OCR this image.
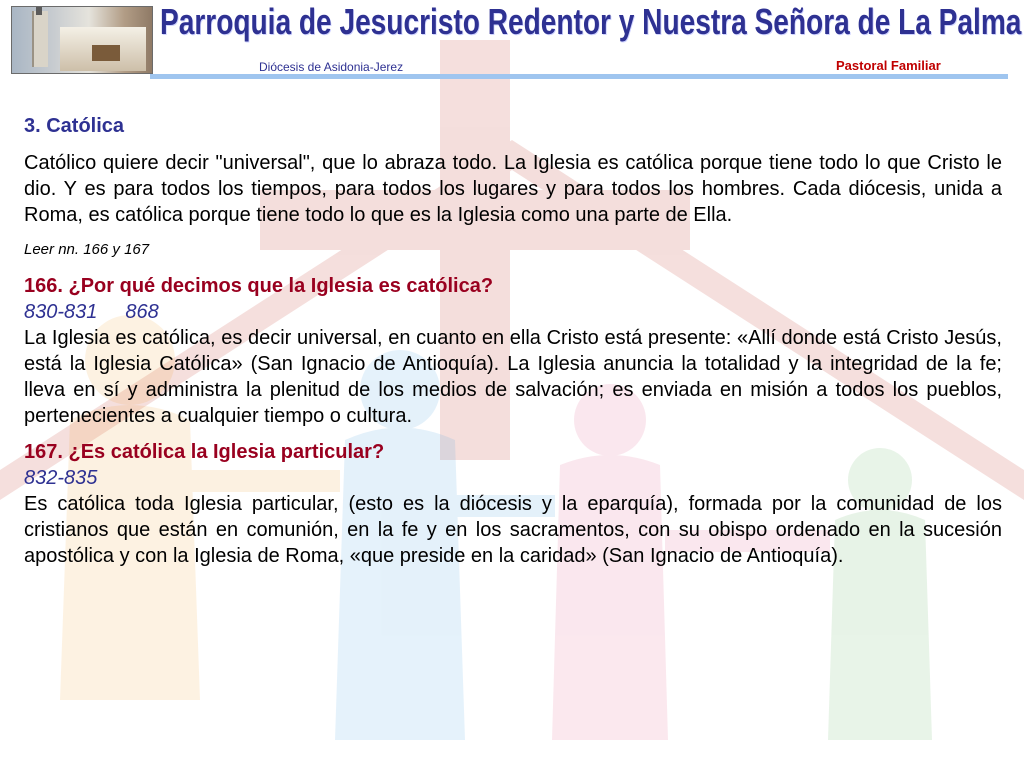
Parroquia de Jesucristo Redentor y Nuestra Señora de La Palma
Diócesis de Asidonia-Jerez	Pastoral Familiar

3. Católica

Católico quiere decir "universal", que lo abraza todo. La Iglesia es católica porque tiene todo lo que Cristo le dio. Y es para todos los tiempos, para todos los lugares y para todos los hombres. Cada diócesis, unida a Roma, es católica porque tiene todo lo que es la Iglesia como una parte de Ella.

Leer nn. 166 y 167

166. ¿Por qué decimos que la Iglesia es católica?

830-831 868

La Iglesia es católica, es decir universal, en cuanto en ella Cristo está presente: «Allí donde está Cristo Jesús, está la Iglesia Católica» (San Ignacio de Antioquía). La Iglesia anuncia la totalidad y la integridad de la fe; lleva en sí y administra la plenitud de los medios de salvación; es enviada en misión a todos los pueblos, pertenecientes a cualquier tiempo o cultura.

167. ¿Es católica la Iglesia particular?

832-835

Es católica toda Iglesia particular, (esto es la diócesis y la eparquía), formada por la comunidad de los cristianos que están en comunión, en la fe y en los sacramentos, con su obispo ordenado en la sucesión apostólica y con la Iglesia de Roma, «que preside en la caridad» (San Ignacio de Antioquía).
